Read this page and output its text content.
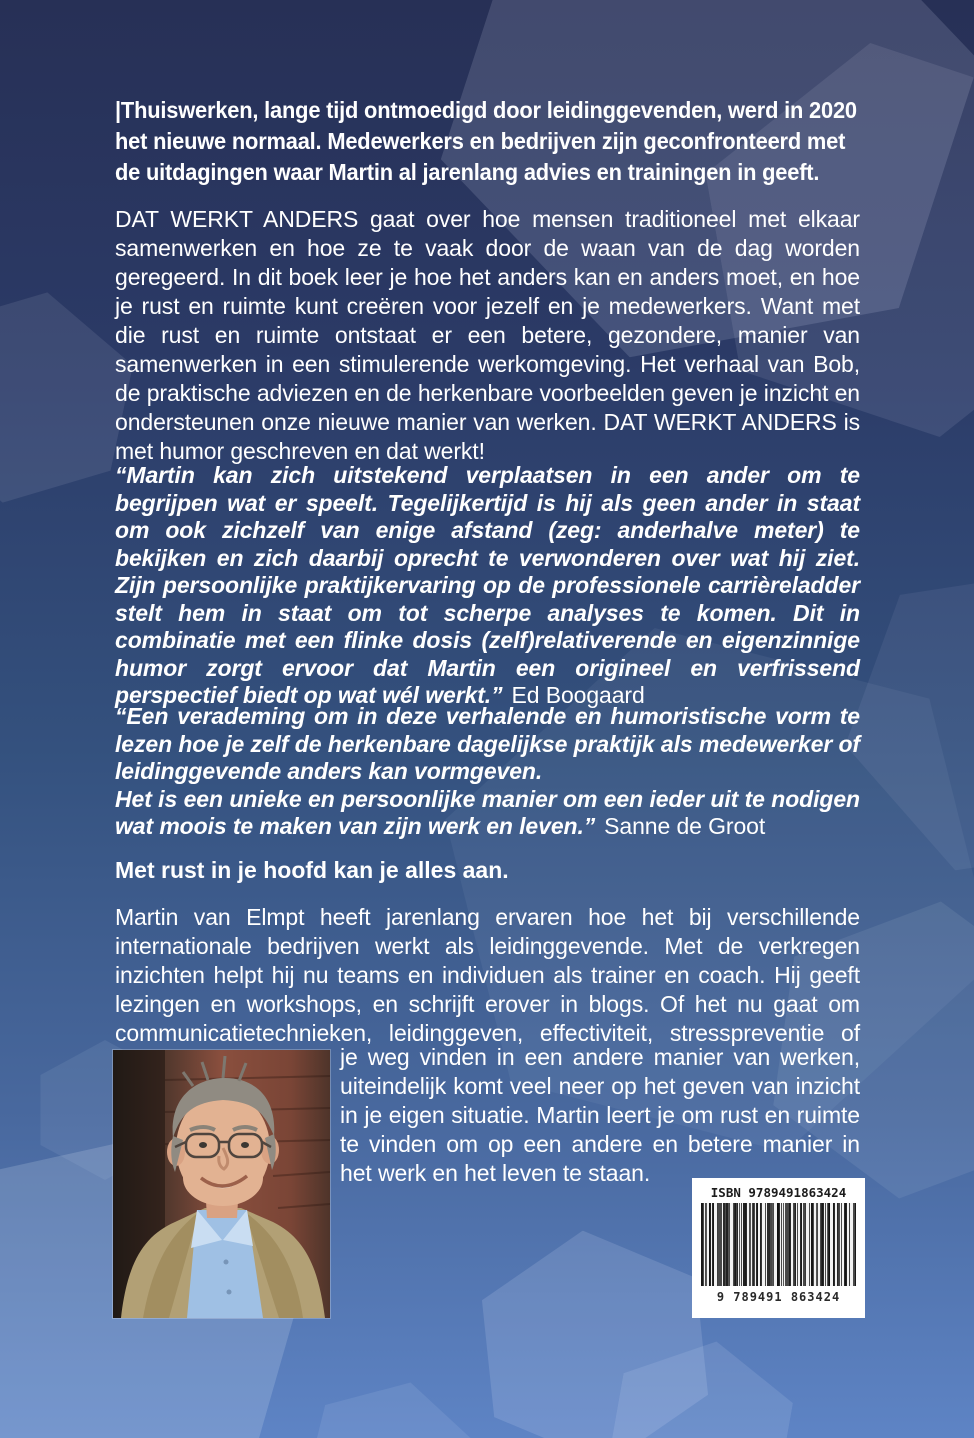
|Thuiswerken, lange tijd ontmoedigd door leidinggevenden, werd in 2020 het nieuwe normaal. Medewerkers en bedrijven zijn geconfronteerd met de uitdagingen waar Martin al jarenlang advies en trainingen in geeft.

DAT WERKT ANDERS gaat over hoe mensen traditioneel met elkaar samenwerken en hoe ze te vaak door de waan van de dag worden geregeerd. In dit boek leer je hoe het anders kan en anders moet, en hoe je rust en ruimte kunt creëren voor jezelf en je medewerkers. Want met die rust en ruimte ontstaat er een betere, gezondere, manier van samenwerken in een stimulerende werkomgeving. Het verhaal van Bob, de praktische adviezen en de herkenbare voorbeelden geven je inzicht en ondersteunen onze nieuwe manier van werken. DAT WERKT ANDERS is met humor geschreven en dat werkt!

“Martin kan zich uitstekend verplaatsen in een ander om te begrijpen wat er speelt. Tegelijkertijd is hij als geen ander in staat om ook zichzelf van enige afstand (zeg: anderhalve meter) te bekijken en zich daarbij oprecht te verwonderen over wat hij ziet. Zijn persoonlijke praktijkervaring op de professionele carrièreladder stelt hem in staat om tot scherpe analyses te komen. Dit in combinatie met een flinke dosis (zelf)relativerende en eigenzinnige humor zorgt ervoor dat Martin een origineel en verfrissend perspectief biedt op wat wél werkt.” Ed Boogaard

“Een verademing om in deze verhalende en humoristische vorm te lezen hoe je zelf de herkenbare dagelijkse praktijk als medewerker of leidinggevende anders kan vormgeven.
Het is een unieke en persoonlijke manier om een ieder uit te nodigen wat moois te maken van zijn werk en leven.” Sanne de Groot

Met rust in je hoofd kan je alles aan.

Martin van Elmpt heeft jarenlang ervaren hoe het bij verschillende internationale bedrijven werkt als leidinggevende. Met de verkregen inzichten helpt hij nu teams en individuen als trainer en coach. Hij geeft lezingen en workshops, en schrijft erover in blogs. Of het nu gaat om communicatietechnieken, leidinggeven, effectiviteit, stresspreventie of

je weg vinden in een andere manier van werken, uiteindelijk komt veel neer op het geven van inzicht in je eigen situatie. Martin leert je om rust en ruimte te vinden om op een andere en betere manier in het werk en het leven te staan.

ISBN 9789491863424
9 789491 863424
